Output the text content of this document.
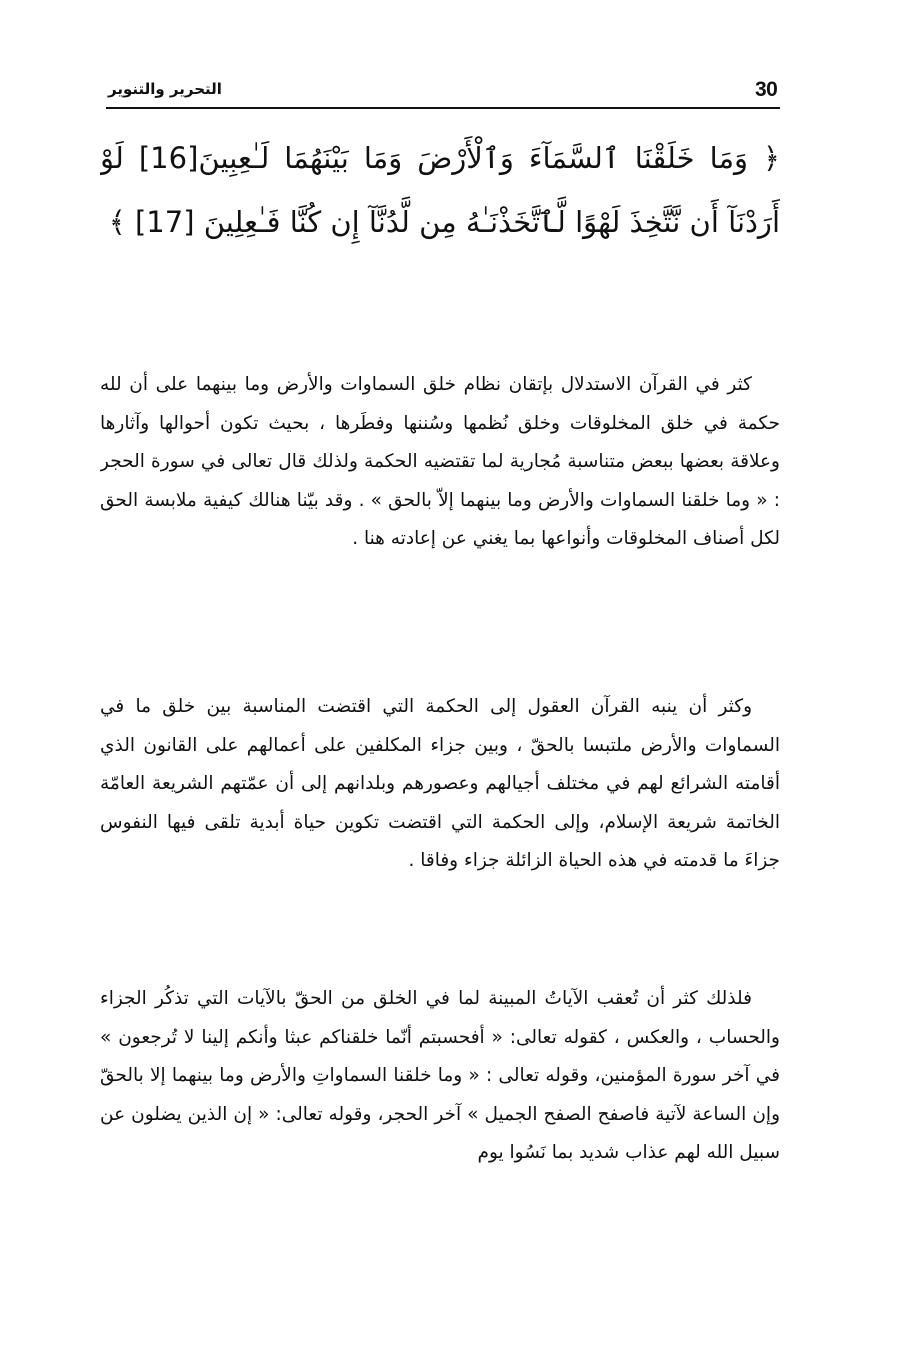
30
التحرير والتنوير
﴿ وَمَا خَلَقْنَا ٱلسَّمَآءَ وَٱلْأَرْضَ وَمَا بَيْنَهُمَا لَـٰعِبِينَ[16] لَوْ أَرَدْنَآ أَن نَّتَّخِذَ لَهْوًا لَّٱتَّخَذْنَـٰهُ مِن لَّدُنَّآ إِن كُنَّا فَـٰعِلِينَ [17] ﴾

كثر في القرآن الاستدلال بإتقان نظام خلق السماوات والأرض وما بينهما على أن لله حكمة في خلق المخلوقات وخلق نُظمها وسُننها وفطَرها ، بحيث تكون أحوالها وآثارها وعلاقة بعضها ببعض متناسبة مُجارية لما تقتضيه الحكمة ولذلك قال تعالى في سورة الحجر : « وما خلقنا السماوات والأرض وما بينهما إلاّ بالحق » . وقد بيّنا هنالك كيفية ملابسة الحق لكل أصناف المخلوقات وأنواعها بما يغني عن إعادته هنا .

وكثر أن ينبه القرآن العقول إلى الحكمة التي اقتضت المناسبة بين خلق ما في السماوات والأرض ملتبسا بالحقّ ، وبين جزاء المكلفين على أعمالهم على القانون الذي أقامته الشرائع لهم في مختلف أجيالهم وعصورهم وبلدانهم إلى أن عمّتهم الشريعة العامّة الخاتمة شريعة الإسلام، وإلى الحكمة التي اقتضت تكوين حياة أبدية تلقى فيها النفوس جزاءَ ما قدمته في هذه الحياة الزائلة جزاء وفاقا .

فلذلك كثر أن تُعقب الآياتُ المبينة لما في الخلق من الحقّ بالآيات التي تذكُر الجزاء والحساب ، والعكس ، كقوله تعالى: « أفحسبتم أنّما خلقناكم عبثا وأنكم إلينا لا تُرجعون » في آخر سورة المؤمنين، وقوله تعالى : « وما خلقنا السماواتِ والأرض وما بينهما إلا بالحقّ وإن الساعة لآتية فاصفح الصفح الجميل » آخر الحجر، وقوله تعالى: « إن الذين يضلون عن سبيل الله لهم عذاب شديد بما نَسُوا يوم
